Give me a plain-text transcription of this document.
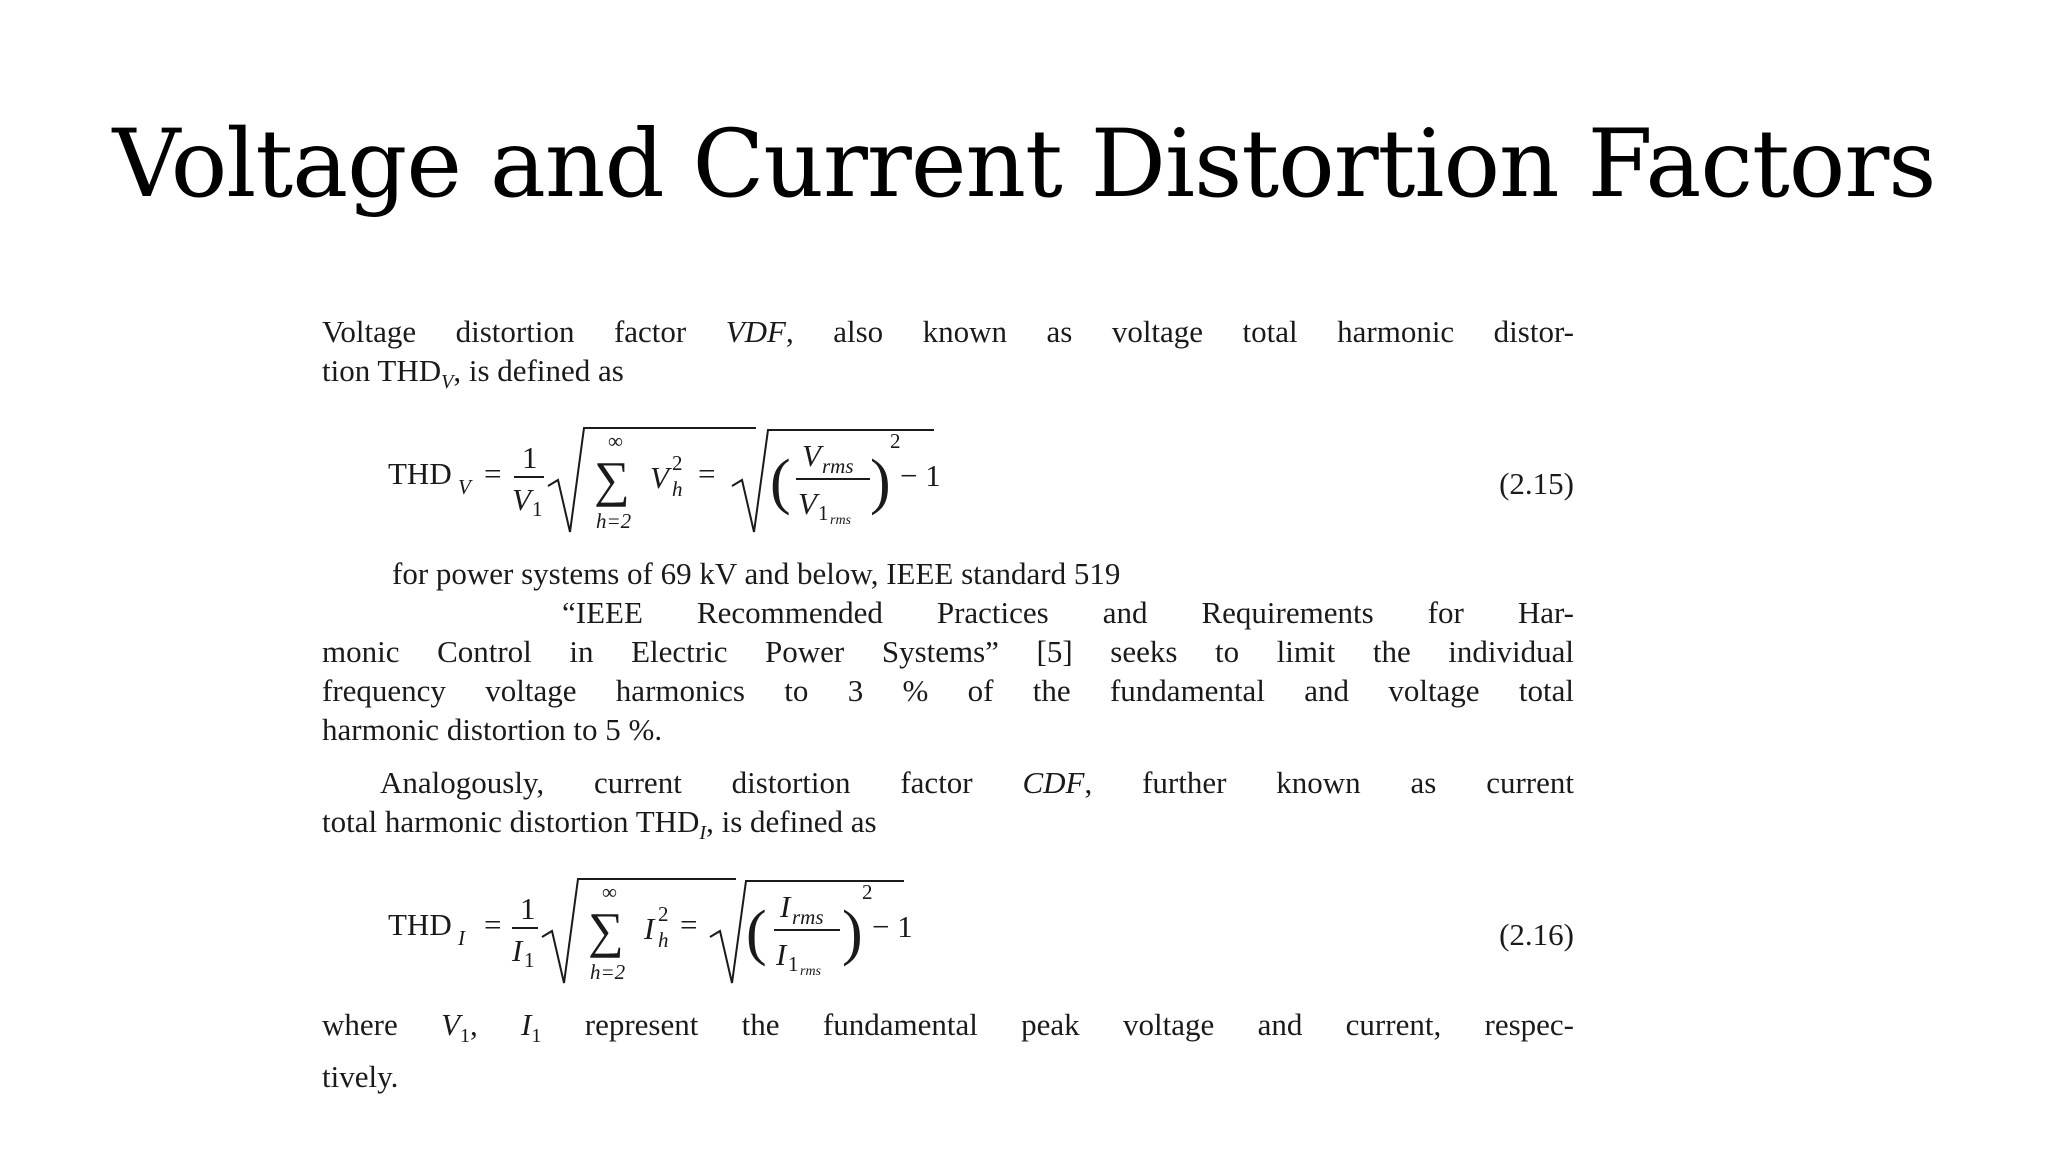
Voltage and Current Distortion Factors

Voltage distortion factor VDF, also known as voltage total harmonic distor-

tion $THD_V$, is defined as

THD V = 1
V 1
∞
∑
h=2
V 2
h = ( V rms
V 1 rms
)
2
− 1	(2.15)
for power systems of 69 kV and below, IEEE standard 519
“IEEE Recommended Practices and Requirements for Har-
monic Control in Electric Power Systems” [5] seeks to limit the individual
frequency voltage harmonics to 3 % of the fundamental and voltage total
harmonic distortion to 5 %.

Analogously, current distortion factor CDF, further known as current

total harmonic distortion $THD_I$, is defined as

THD I = 1
I 1
∞
∑
h=2
I 2
h = ( I rms
I 1 rms
)
2
− 1	(2.16)

where $V_1$, $I_1$ represent the fundamental peak voltage and current, respec-

tively.
